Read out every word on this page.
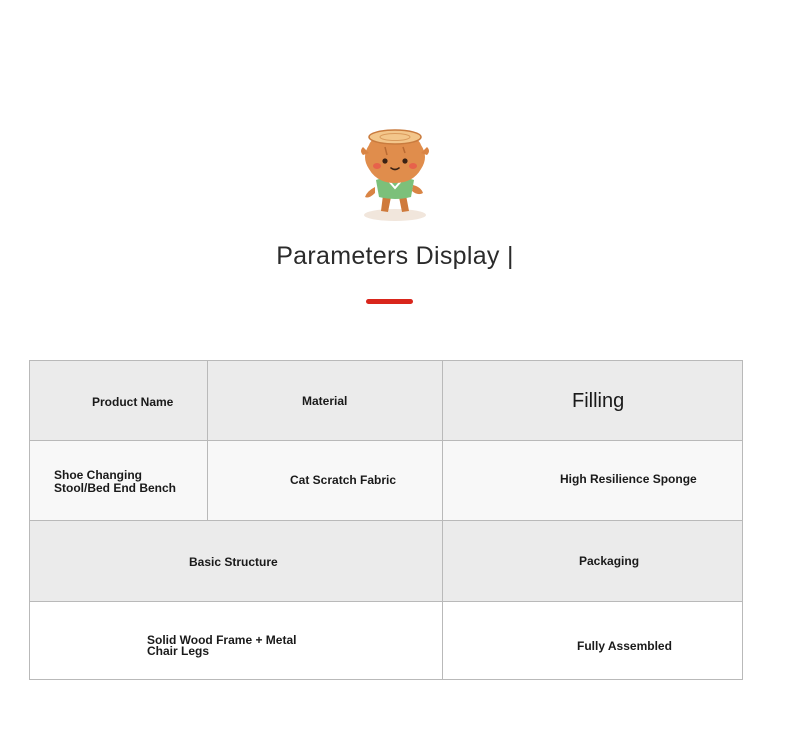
Parameters Display |
Product Name	Material	Filling
Shoe Changing
Stool/Bed End Bench
Cat Scratch Fabric	High Resilience Sponge
Basic Structure	Packaging
Solid Wood Frame + Metal
Chair Legs	Fully Assembled
